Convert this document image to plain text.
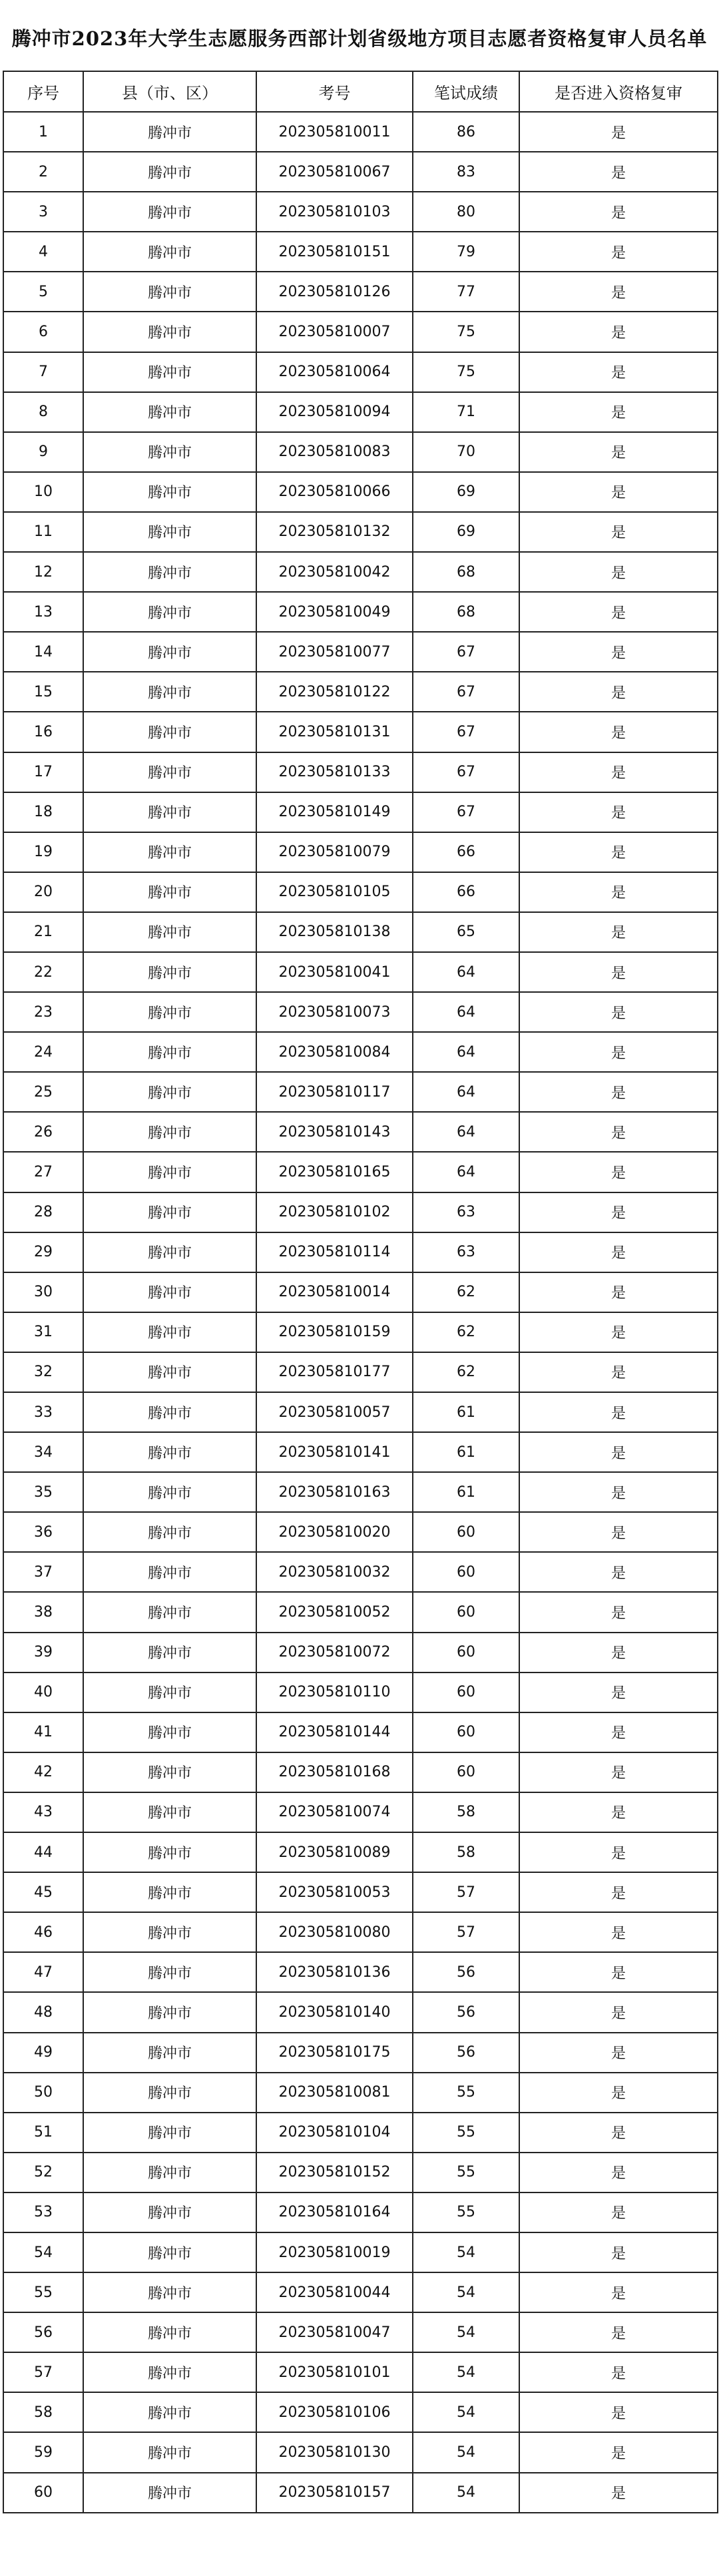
腾冲市2023年大学生志愿服务西部计划省级地方项目志愿者资格复审人员名单
序号	县（市、区）	考号	笔试成绩	是否进入资格复审
1	腾冲市	202305810011	86	是
2	腾冲市	202305810067	83	是
3	腾冲市	202305810103	80	是
4	腾冲市	202305810151	79	是
5	腾冲市	202305810126	77	是
6	腾冲市	202305810007	75	是
7	腾冲市	202305810064	75	是
8	腾冲市	202305810094	71	是
9	腾冲市	202305810083	70	是
10	腾冲市	202305810066	69	是
11	腾冲市	202305810132	69	是
12	腾冲市	202305810042	68	是
13	腾冲市	202305810049	68	是
14	腾冲市	202305810077	67	是
15	腾冲市	202305810122	67	是
16	腾冲市	202305810131	67	是
17	腾冲市	202305810133	67	是
18	腾冲市	202305810149	67	是
19	腾冲市	202305810079	66	是
20	腾冲市	202305810105	66	是
21	腾冲市	202305810138	65	是
22	腾冲市	202305810041	64	是
23	腾冲市	202305810073	64	是
24	腾冲市	202305810084	64	是
25	腾冲市	202305810117	64	是
26	腾冲市	202305810143	64	是
27	腾冲市	202305810165	64	是
28	腾冲市	202305810102	63	是
29	腾冲市	202305810114	63	是
30	腾冲市	202305810014	62	是
31	腾冲市	202305810159	62	是
32	腾冲市	202305810177	62	是
33	腾冲市	202305810057	61	是
34	腾冲市	202305810141	61	是
35	腾冲市	202305810163	61	是
36	腾冲市	202305810020	60	是
37	腾冲市	202305810032	60	是
38	腾冲市	202305810052	60	是
39	腾冲市	202305810072	60	是
40	腾冲市	202305810110	60	是
41	腾冲市	202305810144	60	是
42	腾冲市	202305810168	60	是
43	腾冲市	202305810074	58	是
44	腾冲市	202305810089	58	是
45	腾冲市	202305810053	57	是
46	腾冲市	202305810080	57	是
47	腾冲市	202305810136	56	是
48	腾冲市	202305810140	56	是
49	腾冲市	202305810175	56	是
50	腾冲市	202305810081	55	是
51	腾冲市	202305810104	55	是
52	腾冲市	202305810152	55	是
53	腾冲市	202305810164	55	是
54	腾冲市	202305810019	54	是
55	腾冲市	202305810044	54	是
56	腾冲市	202305810047	54	是
57	腾冲市	202305810101	54	是
58	腾冲市	202305810106	54	是
59	腾冲市	202305810130	54	是
60	腾冲市	202305810157	54	是
